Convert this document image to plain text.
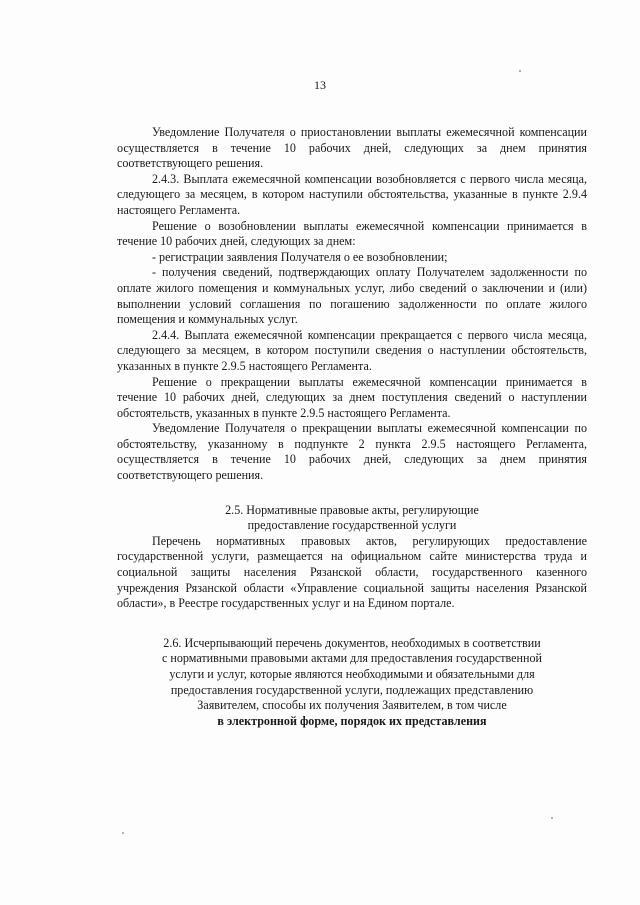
13

Уведомление Получателя о приостановлении выплаты ежемесячной компенсации осуществляется в течение 10 рабочих дней, следующих за днем принятия соответствующего решения.

2.4.3. Выплата ежемесячной компенсации возобновляется с первого числа месяца, следующего за месяцем, в котором наступили обстоятельства, указанные в пункте 2.9.4 настоящего Регламента.

Решение о возобновлении выплаты ежемесячной компенсации принимается в течение 10 рабочих дней, следующих за днем:

- регистрации заявления Получателя о ее возобновлении;

- получения сведений, подтверждающих оплату Получателем задолженности по оплате жилого помещения и коммунальных услуг, либо сведений о заключении и (или) выполнении условий соглашения по погашению задолженности по оплате жилого помещения и коммунальных услуг.

2.4.4. Выплата ежемесячной компенсации прекращается с первого числа месяца, следующего за месяцем, в котором поступили сведения о наступлении обстоятельств, указанных в пункте 2.9.5 настоящего Регламента.

Решение о прекращении выплаты ежемесячной компенсации принимается в течение 10 рабочих дней, следующих за днем поступления сведений о наступлении обстоятельств, указанных в пункте 2.9.5 настоящего Регламента.

Уведомление Получателя о прекращении выплаты ежемесячной компенсации по обстоятельству, указанному в подпункте 2 пункта 2.9.5 настоящего Регламента, осуществляется в течение 10 рабочих дней, следующих за днем принятия соответствующего решения.

2.5. Нормативные правовые акты, регулирующие
предоставление государственной услуги

Перечень нормативных правовых актов, регулирующих предоставление государственной услуги, размещается на официальном сайте министерства труда и социальной защиты населения Рязанской области, государственного казенного учреждения Рязанской области «Управление социальной защиты населения Рязанской области», в Реестре государственных услуг и на Едином портале.

2.6. Исчерпывающий перечень документов, необходимых в соответствии
с нормативными правовыми актами для предоставления государственной
услуги и услуг, которые являются необходимыми и обязательными для
предоставления государственной услуги, подлежащих представлению
Заявителем, способы их получения Заявителем, в том числе
в электронной форме, порядок их представления
